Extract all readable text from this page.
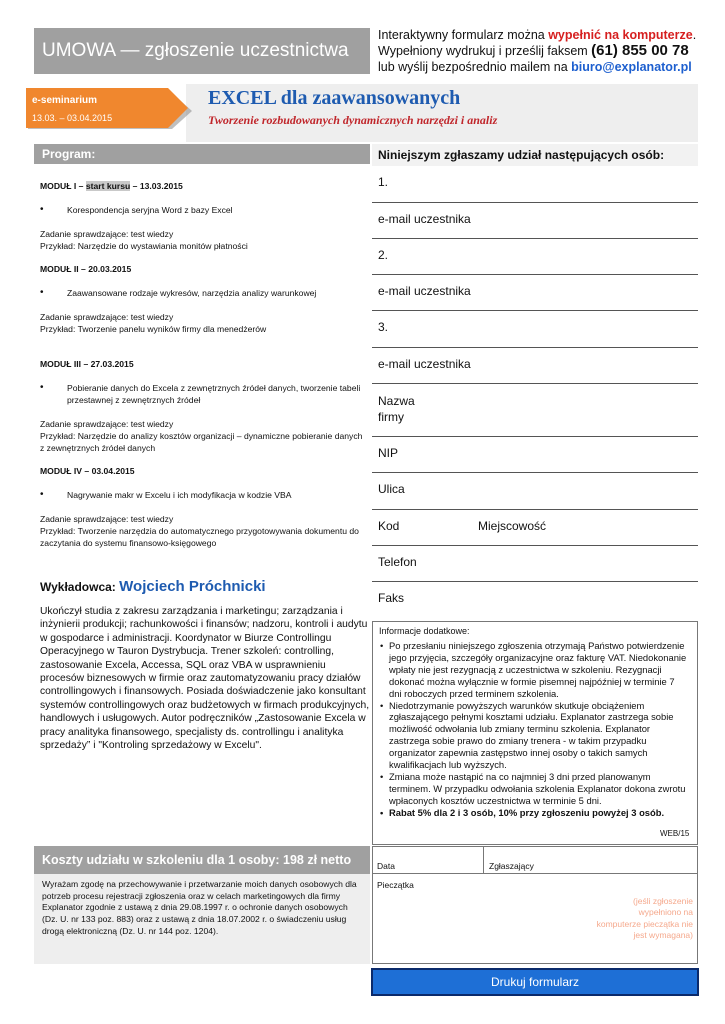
UMOWA — zgłoszenie uczestnictwa
Interaktywny formularz można wypełnić na komputerze.
Wypełniony wydrukuj i prześlij faksem (61) 855 00 78
lub wyślij bezpośrednio mailem na biuro@explanator.pl
e-seminarium
13.03. – 03.04.2015
EXCEL dla zaawansowanych
Tworzenie rozbudowanych dynamicznych narzędzi i analiz
Program:
MODUŁ I – start kursu – 13.03.2015
• Korespondencja seryjna Word z bazy Excel
Zadanie sprawdzające: test wiedzy
Przykład: Narzędzie do wystawiania monitów płatności
MODUŁ II – 20.03.2015
• Zaawansowane rodzaje wykresów, narzędzia analizy warunkowej
Zadanie sprawdzające: test wiedzy
Przykład: Tworzenie panelu wyników firmy dla menedżerów
MODUŁ III – 27.03.2015
• Pobieranie danych do Excela z zewnętrznych źródeł danych, tworzenie tabeli przestawnej z zewnętrznych źródeł
Zadanie sprawdzające: test wiedzy
Przykład: Narzędzie do analizy kosztów organizacji – dynamiczne pobieranie danych z zewnętrznych źródeł danych
MODUŁ IV – 03.04.2015
• Nagrywanie makr w Excelu i ich modyfikacja w kodzie VBA
Zadanie sprawdzające: test wiedzy
Przykład: Tworzenie narzędzia do automatycznego przygotowywania dokumentu do zaczytania do systemu finansowo-księgowego
Wykładowca: Wojciech Próchnicki
Ukończył studia z zakresu zarządzania i marketingu; zarządzania i inżynierii produkcji; rachunkowości i finansów; nadzoru, kontroli i audytu w gospodarce i administracji. Koordynator w Biurze Controllingu Operacyjnego w Tauron Dystrybucja. Trener szkoleń: controlling, zastosowanie Excela, Accessa, SQL oraz VBA w usprawnieniu procesów biznesowych w firmie oraz zautomatyzowaniu pracy działów controllingowych i finansowych. Posiada doświadczenie jako konsultant systemów controllingowych oraz budżetowych w firmach produkcyjnych, handlowych i usługowych. Autor podręczników „Zastosowanie Excela w pracy analityka finansowego, specjalisty ds. controllingu i analityka sprzedaży” i "Kontroling sprzedażowy w Excelu".
Niniejszym zgłaszamy udział następujących osób:
1.
e-mail uczestnika
2.
e-mail uczestnika
3.
e-mail uczestnika
Nazwa
firmy
NIP
Ulica
Kod	Miejscowość
Telefon
Faks
Informacje dodatkowe:
• Po przesłaniu niniejszego zgłoszenia otrzymają Państwo potwierdzenie jego przyjęcia, szczegóły organizacyjne oraz fakturę VAT. Niedokonanie wpłaty nie jest rezygnacją z uczestnictwa w szkoleniu. Rezygnacji dokonać można wyłącznie w formie pisemnej najpóźniej w terminie 7 dni roboczych przed terminem szkolenia.
• Niedotrzymanie powyższych warunków skutkuje obciążeniem zgłaszającego pełnymi kosztami udziału. Explanator zastrzega sobie możliwość odwołania lub zmiany terminu szkolenia. Explanator zastrzega sobie prawo do zmiany trenera - w takim przypadku organizator zapewnia zastępstwo innej osoby o takich samych kwalifikacjach lub wyższych.
• Zmiana może nastąpić na co najmniej 3 dni przed planowanym terminem. W przypadku odwołania szkolenia Explanator dokona zwrotu wpłaconych kosztów uczestnictwa w terminie 5 dni.
• Rabat 5% dla 2 i 3 osób, 10% przy zgłoszeniu powyżej 3 osób.
WEB/15
Koszty udziału w szkoleniu dla 1 osoby: 198 zł netto
Wyrażam zgodę na przechowywanie i przetwarzanie moich danych osobowych dla potrzeb procesu rejestracji zgłoszenia oraz w celach marketingowych dla firmy Explanator zgodnie z ustawą z dnia 29.08.1997 r. o ochronie danych osobowych (Dz. U. nr 133 poz. 883) oraz z ustawą z dnia 18.07.2002 r. o świadczeniu usług drogą elektroniczną (Dz. U. nr 144 poz. 1204).
Data	Zgłaszający
Pieczątka
(jeśli zgłoszenie wypełniono na komputerze pieczątka nie jest wymagana)
Drukuj formularz
